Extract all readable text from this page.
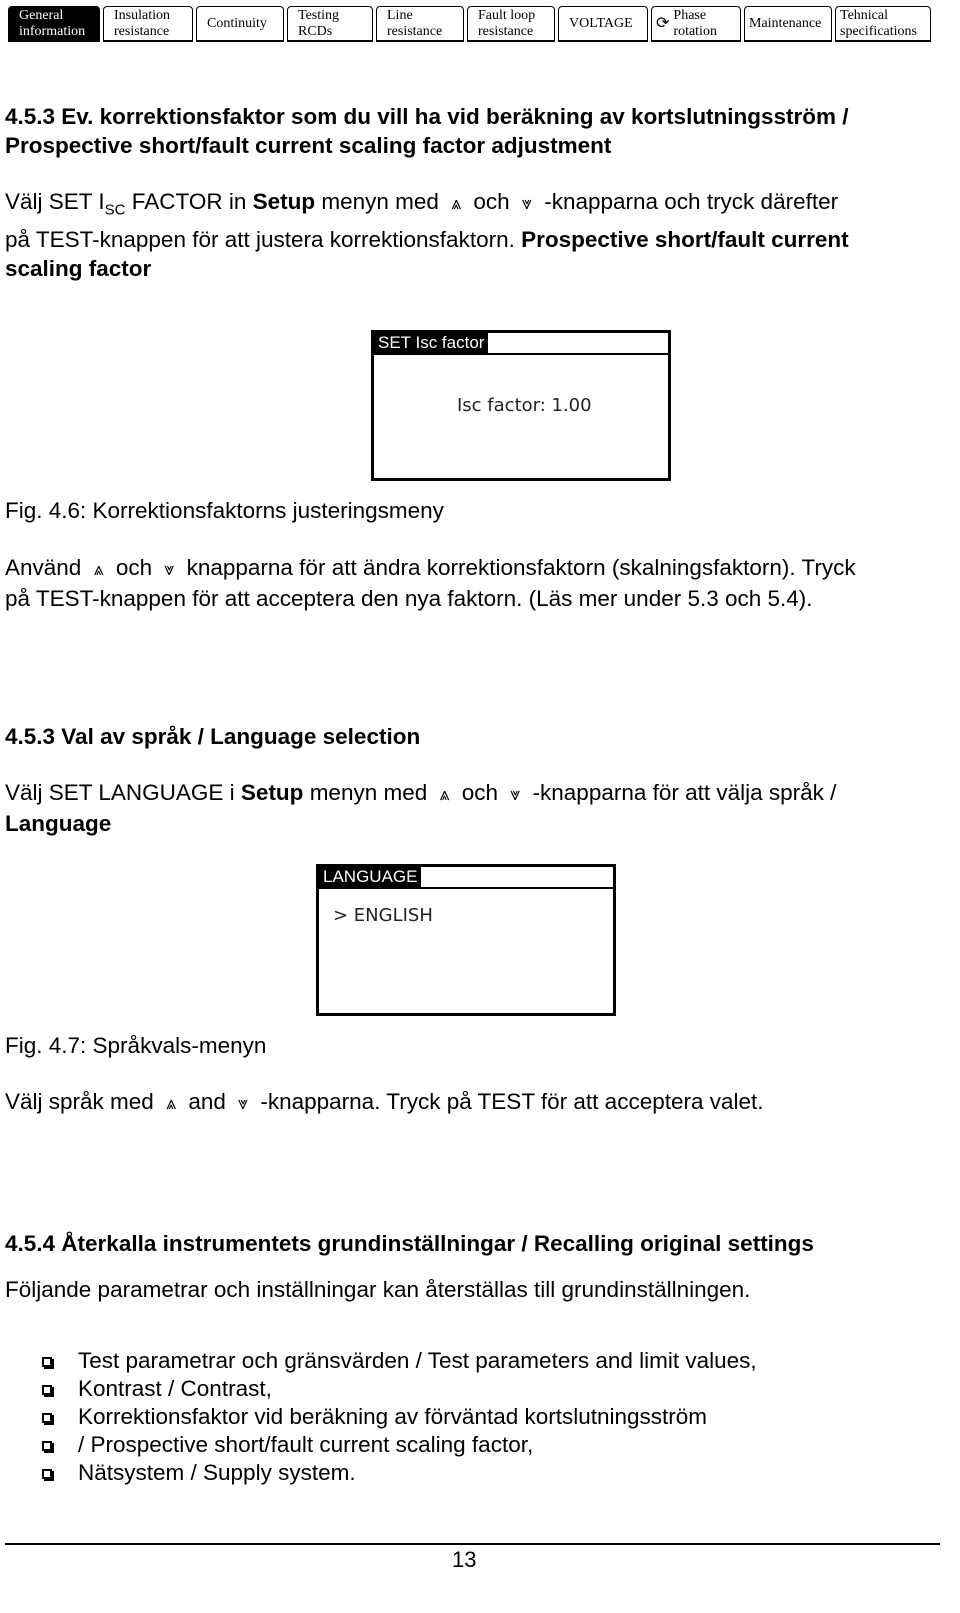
General
information
Insulation
resistance
Continuity
Testing
RCDs
Line
resistance
Fault loop
resistance
VOLTAGE ⟳ Phase
rotation
Maintenance
Tehnical
specifications
4.5.3 Ev. korrektionsfaktor som du vill ha vid beräkning av kortslutningsström /
Prospective short/fault current scaling factor adjustment
Välj SET $I_{SC}$ FACTOR in Setup menyn med ⩓ och ⩔ -knapparna och tryck därefter
på TEST-knappen för att justera korrektionsfaktorn. Prospective short/fault current
scaling factor
SET Isc factor
Isc factor: 1.00
Fig. 4.6: Korrektionsfaktorns justeringsmeny
Använd ⩓ och ⩔ knapparna för att ändra korrektionsfaktorn (skalningsfaktorn). Tryck
på TEST-knappen för att acceptera den nya faktorn. (Läs mer under 5.3 och 5.4).
4.5.3 Val av språk / Language selection
Välj SET LANGUAGE i Setup menyn med ⩓ och ⩔ -knapparna för att välja språk /
Language
LANGUAGE
> ENGLISH
Fig. 4.7: Språkvals-menyn
Välj språk med ⩓ and ⩔ -knapparna. Tryck på TEST för att acceptera valet.
4.5.4 Återkalla instrumentets grundinställningar / Recalling original settings
Följande parametrar och inställningar kan återställas till grundinställningen.
Test parametrar och gränsvärden / Test parameters and limit values,
Kontrast / Contrast,
Korrektionsfaktor vid beräkning av förväntad kortslutningsström
/ Prospective short/fault current scaling factor,
Nätsystem / Supply system.
13
